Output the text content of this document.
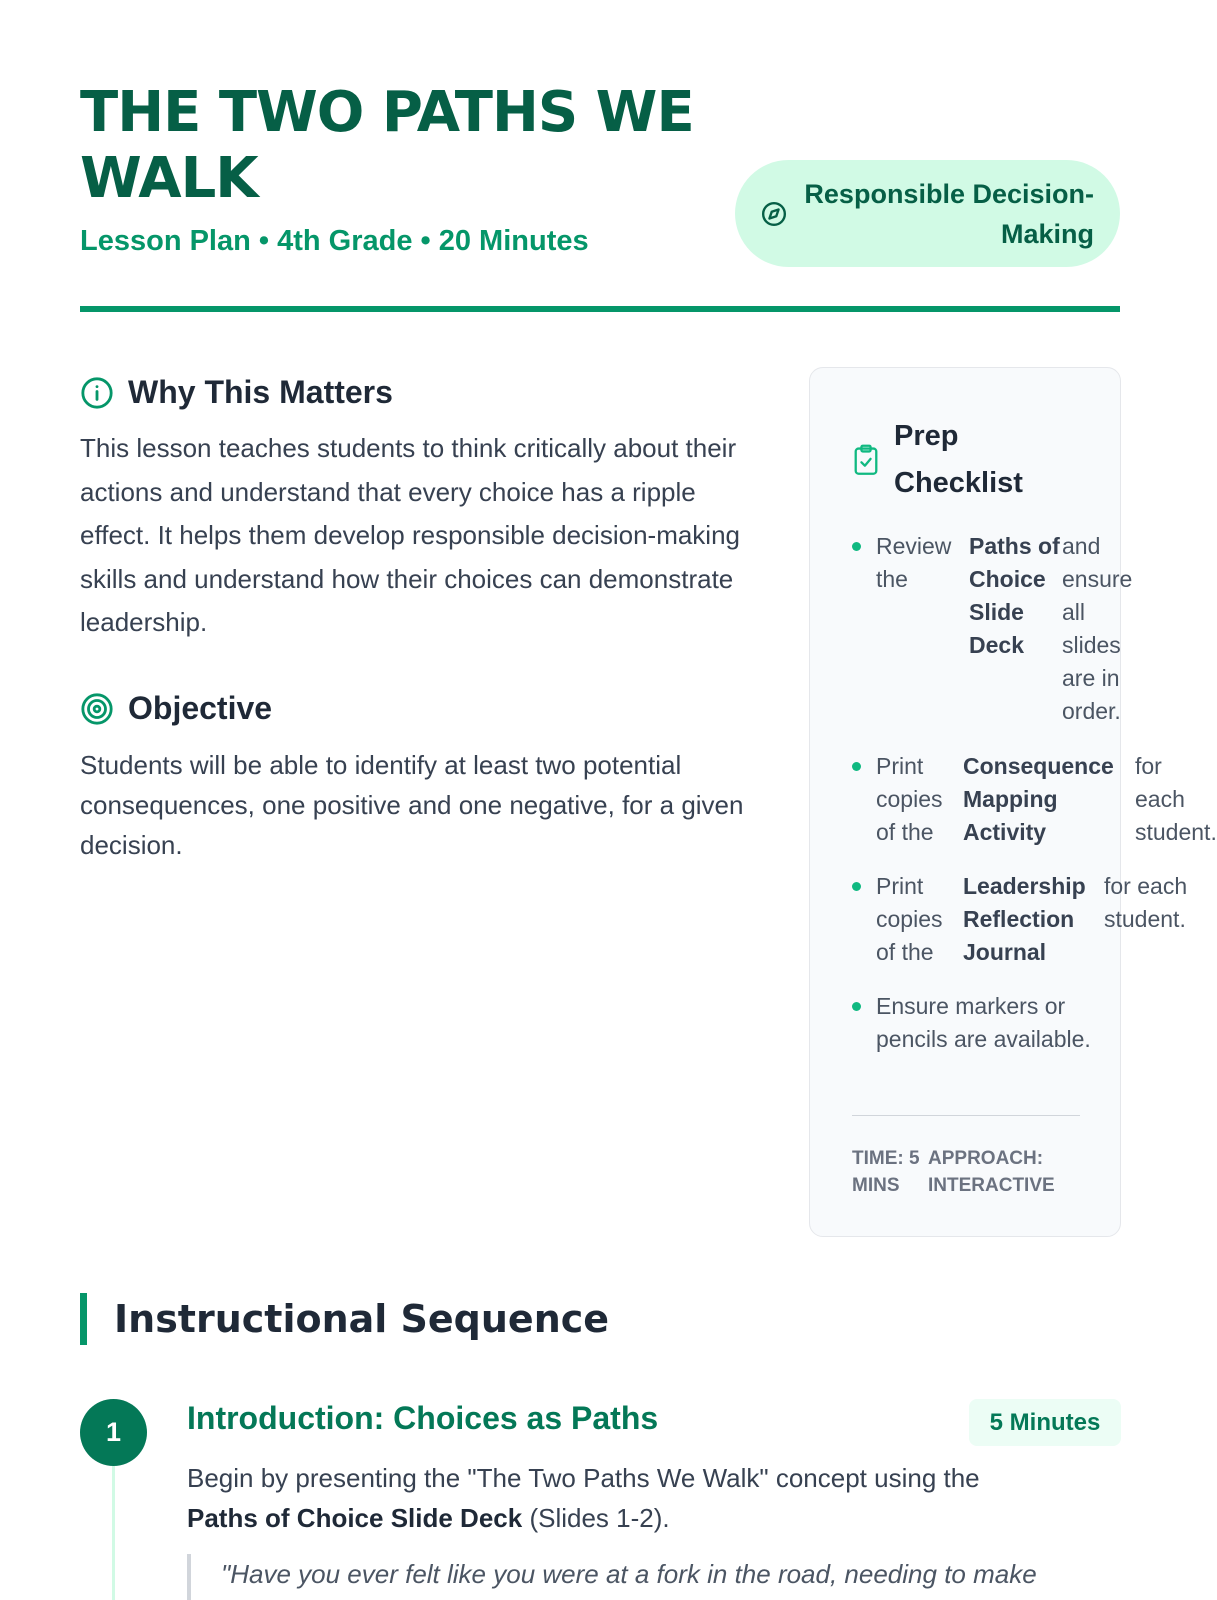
THE TWO PATHS WE WALK
Lesson Plan • 4th Grade • 20 Minutes
Responsible Decision-Making
Why This Matters

This lesson teaches students to think critically about their actions and understand that every choice has a ripple effect. It helps them develop responsible decision-making skills and understand how their choices can demonstrate leadership.

Objective

Students will be able to identify at least two potential consequences, one positive and one negative, for a given decision.

Prep Checklist
Review the
Paths of Choice Slide Deck
and ensure all slides are in order.
Print copies of the
Consequence Mapping Activity
for each student.
Print copies of the
Leadership Reflection Journal
for each student.
Ensure markers or pencils are available.
TIME: 5 MINS
APPROACH: INTERACTIVE
Instructional Sequence
1	Introduction: Choices as Paths	5 Minutes

Begin by presenting the "The Two Paths We Walk" concept using the
Paths of Choice Slide Deck (Slides 1-2).

"Have you ever felt like you were at a fork in the road, needing to make
